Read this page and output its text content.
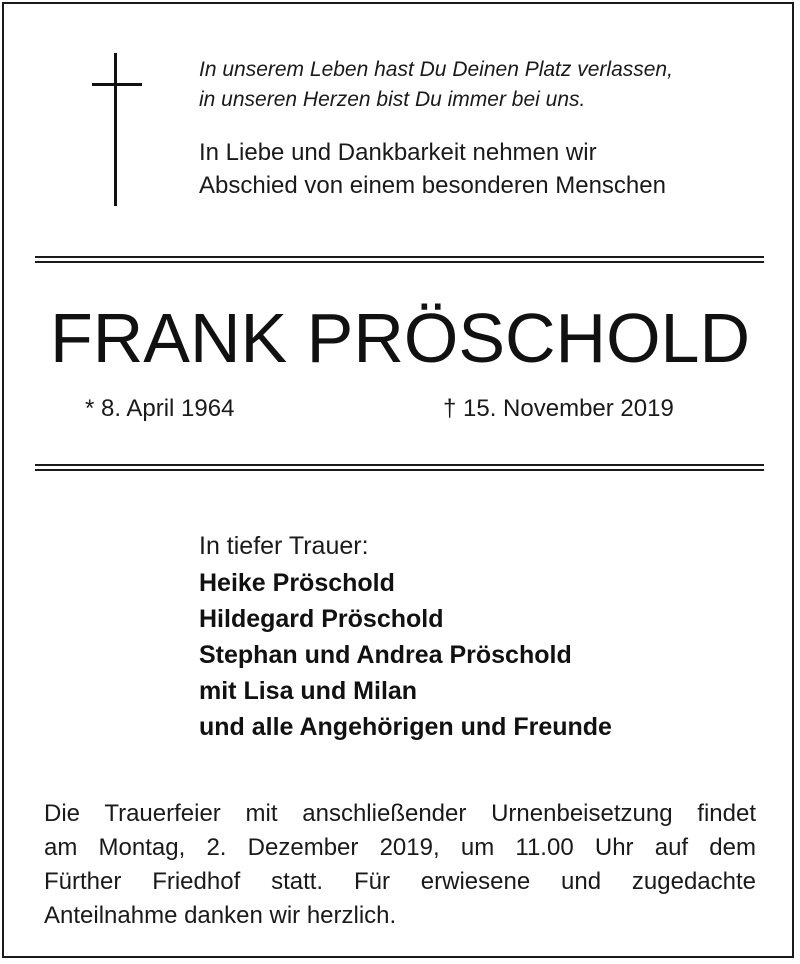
In unserem Leben hast Du Deinen Platz verlassen,
in unseren Herzen bist Du immer bei uns.
In Liebe und Dankbarkeit nehmen wir
Abschied von einem besonderen Menschen
FRANK PRÖSCHOLD
* 8. April 1964	† 15. November 2019
In tiefer Trauer:
Heike Pröschold
Hildegard Pröschold
Stephan und Andrea Pröschold
mit Lisa und Milan
und alle Angehörigen und Freunde
Die Trauerfeier mit anschließender Urnenbeisetzung findet
am Montag, 2. Dezember 2019, um 11.00 Uhr auf dem
Fürther Friedhof statt. Für erwiesene und zugedachte
Anteilnahme danken wir herzlich.
